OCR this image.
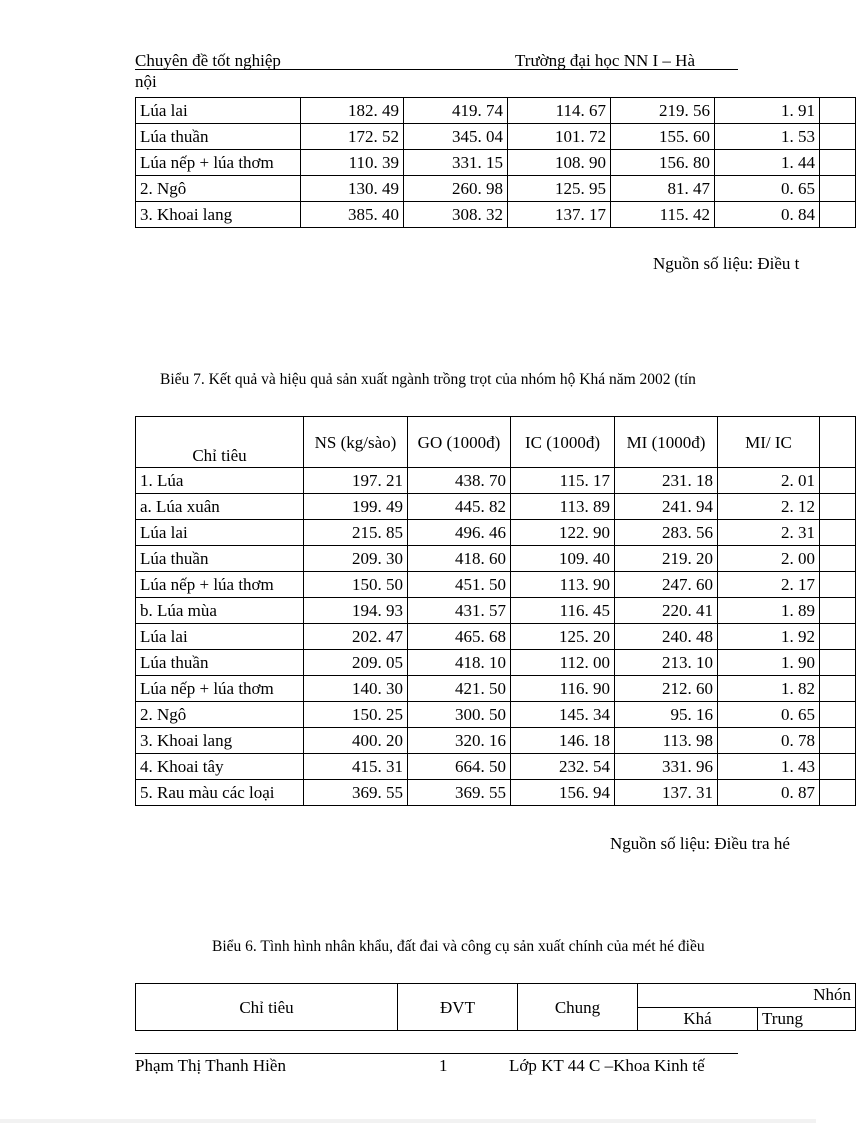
Chuyên đề tốt nghiệp	Trường đại học NN I – Hà
nội
Lúa lai	182. 49	419. 74	114. 67	219. 56	1. 91	
Lúa thuần	172. 52	345. 04	101. 72	155. 60	1. 53	
Lúa nếp + lúa thơm	110. 39	331. 15	108. 90	156. 80	1. 44	
2. Ngô	130. 49	260. 98	125. 95	81. 47	0. 65	
3. Khoai lang	385. 40	308. 32	137. 17	115. 42	0. 84	
Nguồn số liệu: Điều t
Biểu 7. Kết quả và hiệu quả sản xuất ngành trồng trọt của nhóm hộ Khá năm 2002 (tín
Chỉ tiêu	NS (kg/sào)	GO (1000đ)	IC (1000đ)	MI (1000đ)	MI/ IC	
1. Lúa	197. 21	438. 70	115. 17	231. 18	2. 01	
a. Lúa xuân	199. 49	445. 82	113. 89	241. 94	2. 12	
Lúa lai	215. 85	496. 46	122. 90	283. 56	2. 31	
Lúa thuần	209. 30	418. 60	109. 40	219. 20	2. 00	
Lúa nếp + lúa thơm	150. 50	451. 50	113. 90	247. 60	2. 17	
b. Lúa mùa	194. 93	431. 57	116. 45	220. 41	1. 89	
Lúa lai	202. 47	465. 68	125. 20	240. 48	1. 92	
Lúa thuần	209. 05	418. 10	112. 00	213. 10	1. 90	
Lúa nếp + lúa thơm	140. 30	421. 50	116. 90	212. 60	1. 82	
2. Ngô	150. 25	300. 50	145. 34	95. 16	0. 65	
3. Khoai lang	400. 20	320. 16	146. 18	113. 98	0. 78	
4. Khoai tây	415. 31	664. 50	232. 54	331. 96	1. 43	
5. Rau màu các loại	369. 55	369. 55	156. 94	137. 31	0. 87	
Nguồn số liệu: Điều tra hé
Biểu 6. Tình hình nhân khẩu, đất đai và công cụ sản xuất chính của mét hé điều
Chỉ tiêu	ĐVT	Chung	Nhón	
			Khá	Trung
Phạm Thị Thanh Hiền	1	Lớp KT 44 C –Khoa Kinh tế
